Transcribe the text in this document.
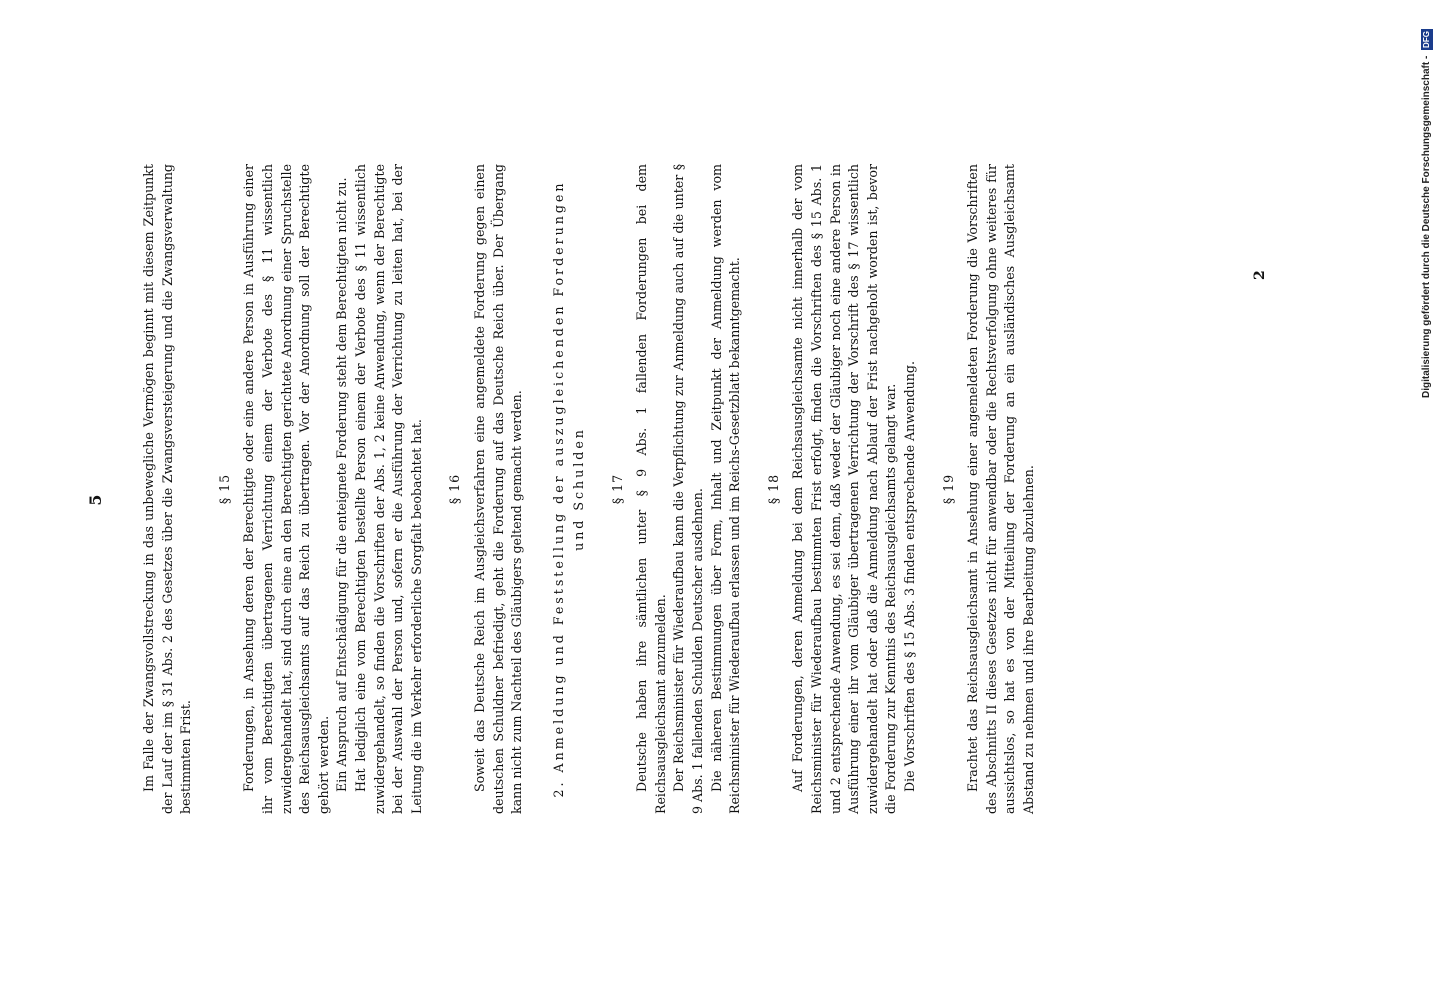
5	Im Falle der Zwangsvollstreckung in das unbewegliche Vermögen beginnt mit diesem Zeitpunkt der Lauf der im § 31 Abs. 2 des Gesetzes über die Zwangsversteigerung und die Zwangsverwaltung bestimmten Frist.

§ 15 Forderungen, in Ansehung deren der Berechtigte oder eine andere Person in Ausführung einer ihr vom Berechtigten übertragenen Verrichtung einem der Verbote des § 11 wissentlich zuwidergehandelt hat, sind durch eine an den Berechtigten gerichtete Anordnung einer Spruchstelle des Reichsausgleichsamts auf das Reich zu übertragen. Vor der Anordnung soll der Berechtigte gehört werden. Ein Anspruch auf Entschädigung für die enteignete Forderung steht dem Berechtigten nicht zu. Hat lediglich eine vom Berechtigten bestellte Person einem der Verbote des § 11 wissentlich zuwidergehandelt, so finden die Vorschriften der Abs. 1, 2 keine Anwendung, wenn der Berechtigte bei der Auswahl der Person und, sofern er die Ausführung der Verrichtung zu leiten hat, bei der Leitung die im Verkehr erforderliche Sorgfalt beobachtet hat. § 16 Soweit das Deutsche Reich im Ausgleichsverfahren eine angemeldete Forderung gegen einen deutschen Schuldner befriedigt, geht die Forderung auf das Deutsche Reich über. Der Übergang kann nicht zum Nachteil des Gläubigers geltend gemacht werden. 2. Anmeldung und Feststellung der auszugleichenden Forderungen und Schulden § 17 Deutsche haben ihre sämtlichen unter § 9 Abs. 1 fallenden Forderungen bei dem Reichsausgleichsamt anzumelden. Der Reichsminister für Wiederaufbau kann die Verpflichtung zur Anmeldung auch auf die unter § 9 Abs. 1 fallenden Schulden Deutscher ausdehnen. Die näheren Bestimmungen über Form, Inhalt und Zeitpunkt der Anmeldung werden vom Reichsminister für Wiederaufbau erlassen und im Reichs-Gesetzblatt bekanntgemacht. § 18 Auf Forderungen, deren Anmeldung bei dem Reichsausgleichsamte nicht innerhalb der vom Reichsminister für Wiederaufbau bestimmten Frist erfolgt, finden die Vorschriften des § 15 Abs. 1 und 2 entsprechende Anwendung, es sei denn, daß weder der Gläubiger noch eine andere Person in Ausführung einer ihr vom Gläubiger übertragenen Verrichtung der Vorschrift des § 17 wissentlich zuwidergehandelt hat oder daß die Anmeldung nach Ablauf der Frist nachgeholt worden ist, bevor die Forderung zur Kenntnis des Reichsausgleichsamts gelangt war. Die Vorschriften des § 15 Abs. 3 finden entsprechende Anwendung. § 19 Erachtet das Reichsausgleichsamt in Ansehung einer angemeldeten Forderung die Vorschriften des Abschnitts II dieses Gesetzes nicht für anwendbar oder die Rechtsverfolgung ohne weiteres für aussichtslos, so hat es von der Mitteilung der Forderung an ein ausländisches Ausgleichsamt Abstand zu nehmen und ihre Bearbeitung abzulehnen.

2	Digitalisierung gefördert durch die Deutsche Forschungsgemeinschaft - DFG
